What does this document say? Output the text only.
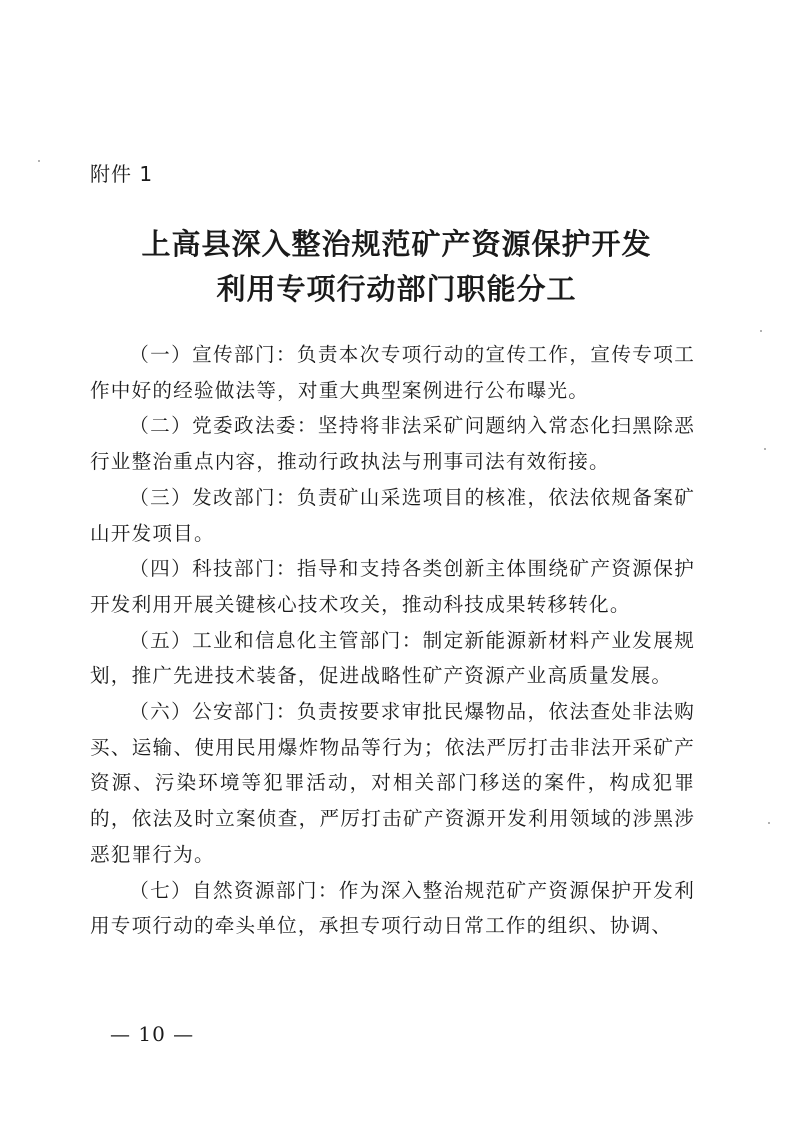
附件 1
上高县深入整治规范矿产资源保护开发
利用专项行动部门职能分工

（一）宣传部门：负责本次专项行动的宣传工作，宣传专项工作中好的经验做法等，对重大典型案例进行公布曝光。

（二）党委政法委：坚持将非法采矿问题纳入常态化扫黑除恶行业整治重点内容，推动行政执法与刑事司法有效衔接。

（三）发改部门：负责矿山采选项目的核准，依法依规备案矿山开发项目。

（四）科技部门：指导和支持各类创新主体围绕矿产资源保护开发利用开展关键核心技术攻关，推动科技成果转移转化。

（五）工业和信息化主管部门：制定新能源新材料产业发展规划，推广先进技术装备，促进战略性矿产资源产业高质量发展。

（六）公安部门：负责按要求审批民爆物品，依法查处非法购买、运输、使用民用爆炸物品等行为；依法严厉打击非法开采矿产资源、污染环境等犯罪活动，对相关部门移送的案件，构成犯罪的，依法及时立案侦查，严厉打击矿产资源开发利用领域的涉黑涉恶犯罪行为。

（七）自然资源部门：作为深入整治规范矿产资源保护开发利用专项行动的牵头单位，承担专项行动日常工作的组织、协调、

— 10 —
